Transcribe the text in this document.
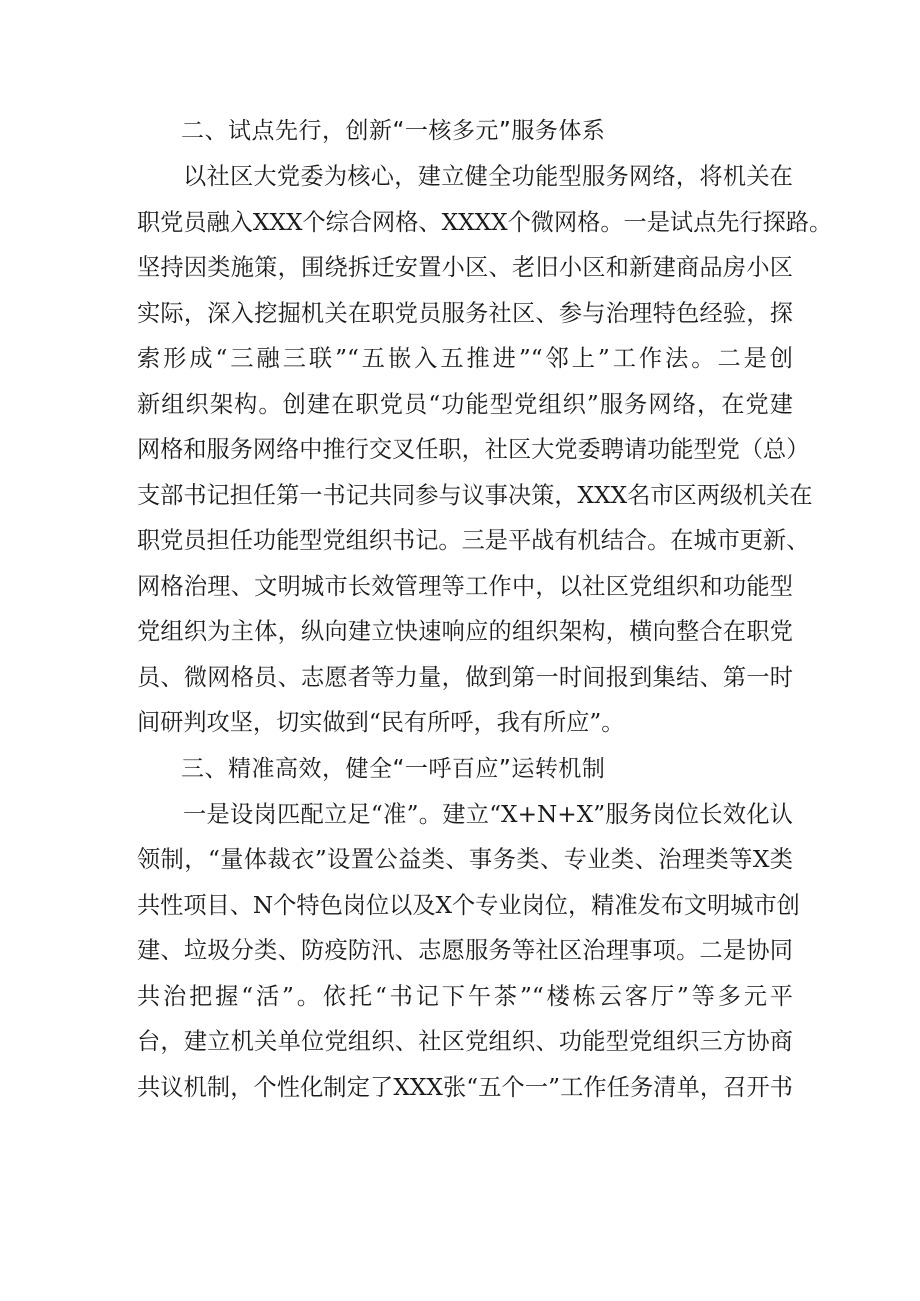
二、试点先行，创新“一核多元”服务体系

以社区大党委为核心，建立健全功能型服务网络，将机关在

职党员融入XXX个综合网格、XXXX个微网格。一是试点先行探路。

坚持因类施策，围绕拆迁安置小区、老旧小区和新建商品房小区

实际，深入挖掘机关在职党员服务社区、参与治理特色经验，探

索形成“三融三联”“五嵌入五推进”“邻上”工作法。二是创

新组织架构。创建在职党员“功能型党组织”服务网络，在党建

网格和服务网络中推行交叉任职，社区大党委聘请功能型党（总）

支部书记担任第一书记共同参与议事决策，XXX名市区两级机关在

职党员担任功能型党组织书记。三是平战有机结合。在城市更新、

网格治理、文明城市长效管理等工作中，以社区党组织和功能型

党组织为主体，纵向建立快速响应的组织架构，横向整合在职党

员、微网格员、志愿者等力量，做到第一时间报到集结、第一时

间研判攻坚，切实做到“民有所呼，我有所应”。

三、精准高效，健全“一呼百应”运转机制

一是设岗匹配立足“准”。建立“X+N+X”服务岗位长效化认

领制，“量体裁衣”设置公益类、事务类、专业类、治理类等X类

共性项目、N个特色岗位以及X个专业岗位，精准发布文明城市创

建、垃圾分类、防疫防汛、志愿服务等社区治理事项。二是协同

共治把握“活”。依托“书记下午茶”“楼栋云客厅”等多元平

台，建立机关单位党组织、社区党组织、功能型党组织三方协商

共议机制，个性化制定了XXX张“五个一”工作任务清单，召开书
